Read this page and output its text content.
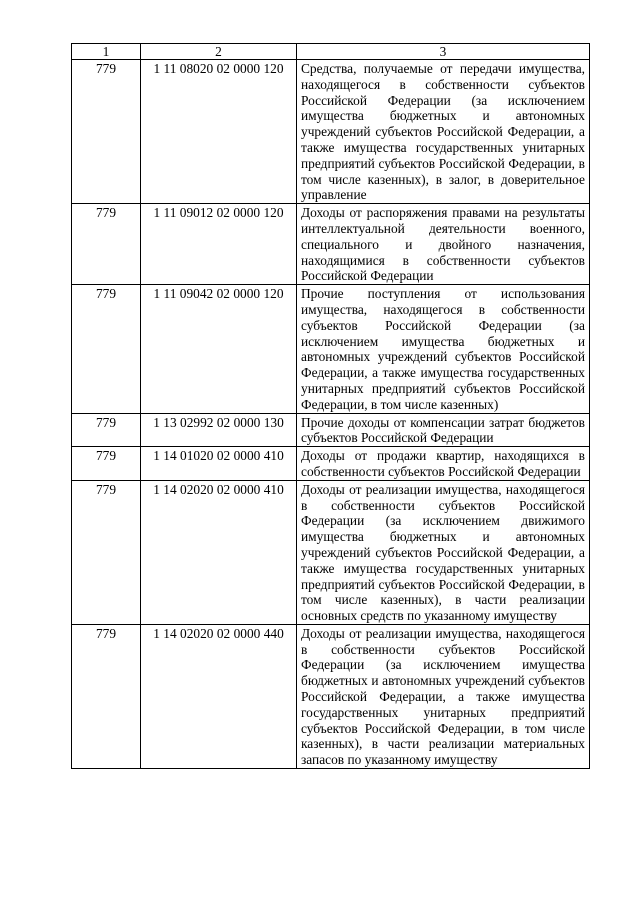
1	2	3
779	1 11 08020 02 0000 120	Средства, получаемые от передачи имущества, находящегося в собственности субъектов Российской Федерации (за исключением имущества бюджетных и автономных учреждений субъектов Российской Федерации, а также имущества государственных унитарных предприятий субъектов Российской Федерации, в том числе казенных), в залог, в доверительное управление
779	1 11 09012 02 0000 120	Доходы от распоряжения правами на результаты интеллектуальной деятельности военного, специального и двойного назначения, находящимися в собственности субъектов Российской Федерации
779	1 11 09042 02 0000 120	Прочие поступления от использования имущества, находящегося в собственности субъектов Российской Федерации (за исключением имущества бюджетных и автономных учреждений субъектов Российской Федерации, а также имущества государственных унитарных предприятий субъектов Российской Федерации, в том числе казенных)
779	1 13 02992 02 0000 130	Прочие доходы от компенсации затрат бюджетов субъектов Российской Федерации
779	1 14 01020 02 0000 410	Доходы от продажи квартир, находящихся в собственности субъектов Российской Федерации
779	1 14 02020 02 0000 410	Доходы от реализации имущества, находящегося в собственности субъектов Российской Федерации (за исключением движимого имущества бюджетных и автономных учреждений субъектов Российской Федерации, а также имущества государственных унитарных предприятий субъектов Российской Федерации, в том числе казенных), в части реализации основных средств по указанному имуществу
779	1 14 02020 02 0000 440	Доходы от реализации имущества, находящегося в собственности субъектов Российской Федерации (за исключением имущества бюджетных и автономных учреждений субъектов Российской Федерации, а также имущества государственных унитарных предприятий субъектов Российской Федерации, в том числе казенных), в части реализации материальных запасов по указанному имуществу
